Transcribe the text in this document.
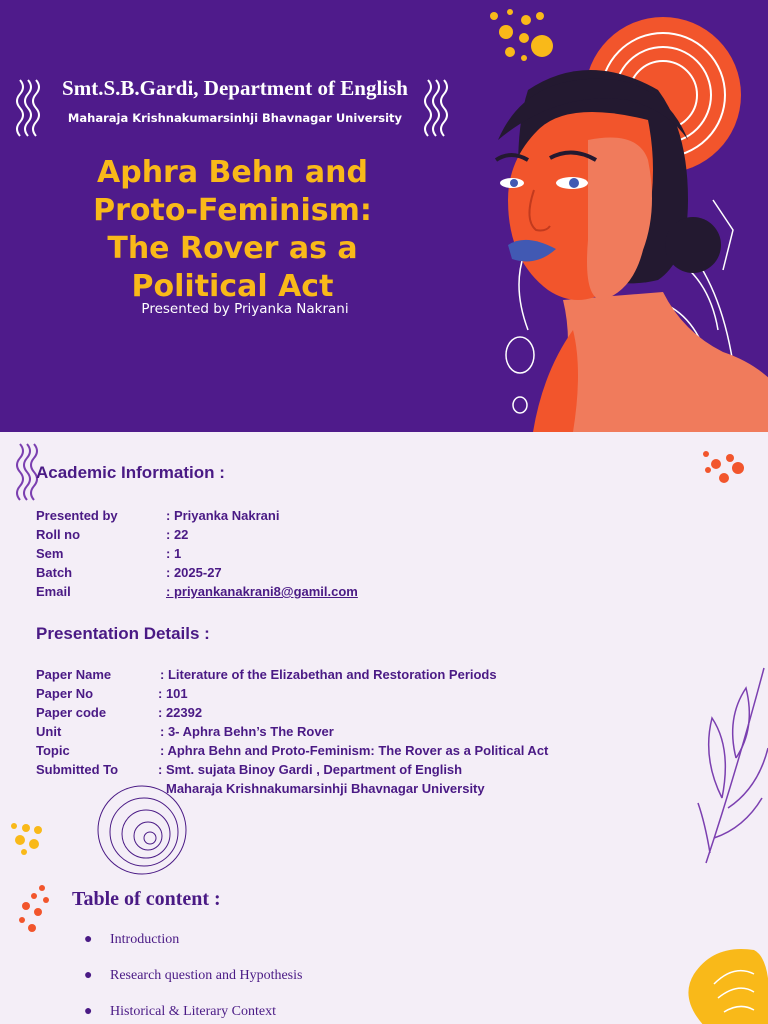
Smt.S.B.Gardi, Department of English
Maharaja Krishnakumarsinhji Bhavnagar University
Aphra Behn and
Proto-Feminism:
The Rover as a
Political Act
Presented by Priyanka Nakrani
Academic Information :
Presented by	: Priyanka Nakrani
Roll no	: 22
Sem	: 1
Batch	: 2025-27
Email	: priyankanakrani8@gamil.com
Presentation Details :
Paper Name	: Literature of the Elizabethan and Restoration Periods
Paper No	: 101
Paper code	: 22392
Unit	: 3- Aphra Behn’s The Rover
Topic	: Aphra Behn and Proto-Feminism: The Rover as a Political Act
Submitted To	: Smt. sujata Binoy Gardi , Department of English
Maharaja Krishnakumarsinhji Bhavnagar University
Table of content :
● Introduction
● Research question and Hypothesis
● Historical & Literary Context
